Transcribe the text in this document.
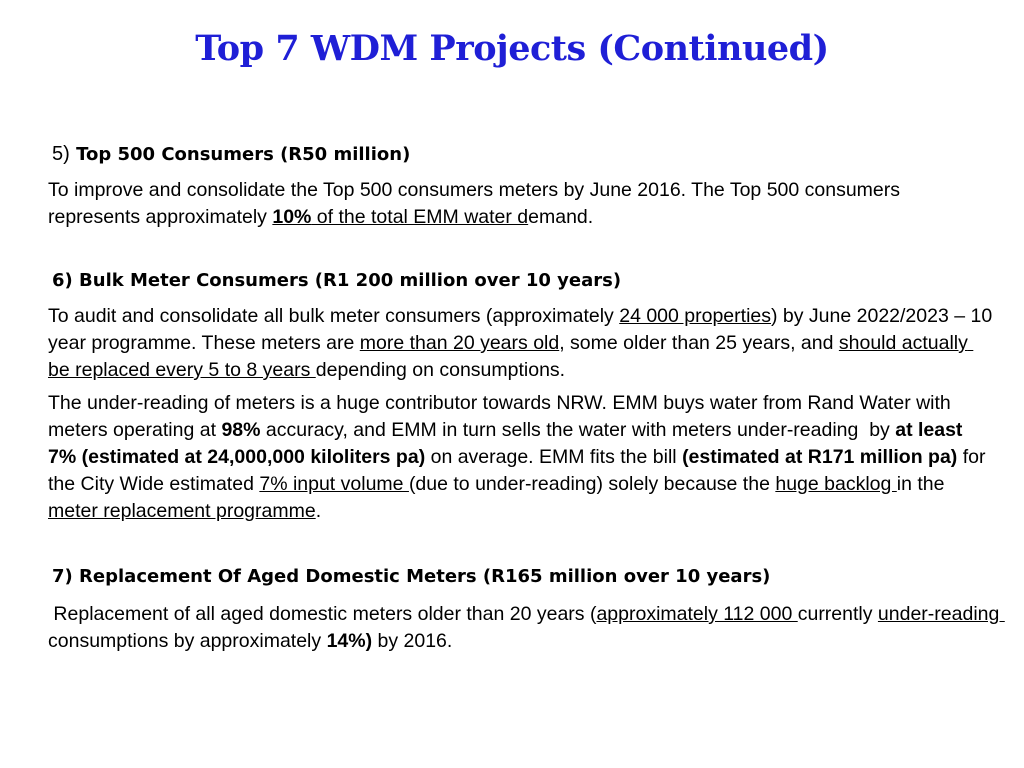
Top 7 WDM Projects (Continued)
5) Top 500 Consumers (R50 million)

To improve and consolidate the Top 500 consumers meters by June 2016. The Top 500 consumers represents approximately 10% of the total EMM water demand.

6) Bulk Meter Consumers (R1 200 million over 10 years)

To audit and consolidate all bulk meter consumers (approximately 24 000 properties) by June 2022/2023 – 10 year programme. These meters are more than 20 years old, some older than 25 years, and should actually be replaced every 5 to 8 years depending on consumptions.

The under-reading of meters is a huge contributor towards NRW. EMM buys water from Rand Water with meters operating at 98% accuracy, and EMM in turn sells the water with meters under-reading  by at least 7% (estimated at 24,000,000 kiloliters pa) on average. EMM fits the bill (estimated at R171 million pa) for the City Wide estimated 7% input volume (due to under-reading) solely because the huge backlog in the meter replacement programme.

7) Replacement Of Aged Domestic Meters (R165 million over 10 years)

Replacement of all aged domestic meters older than 20 years (approximately 112 000 currently under-reading consumptions by approximately 14%) by 2016.
